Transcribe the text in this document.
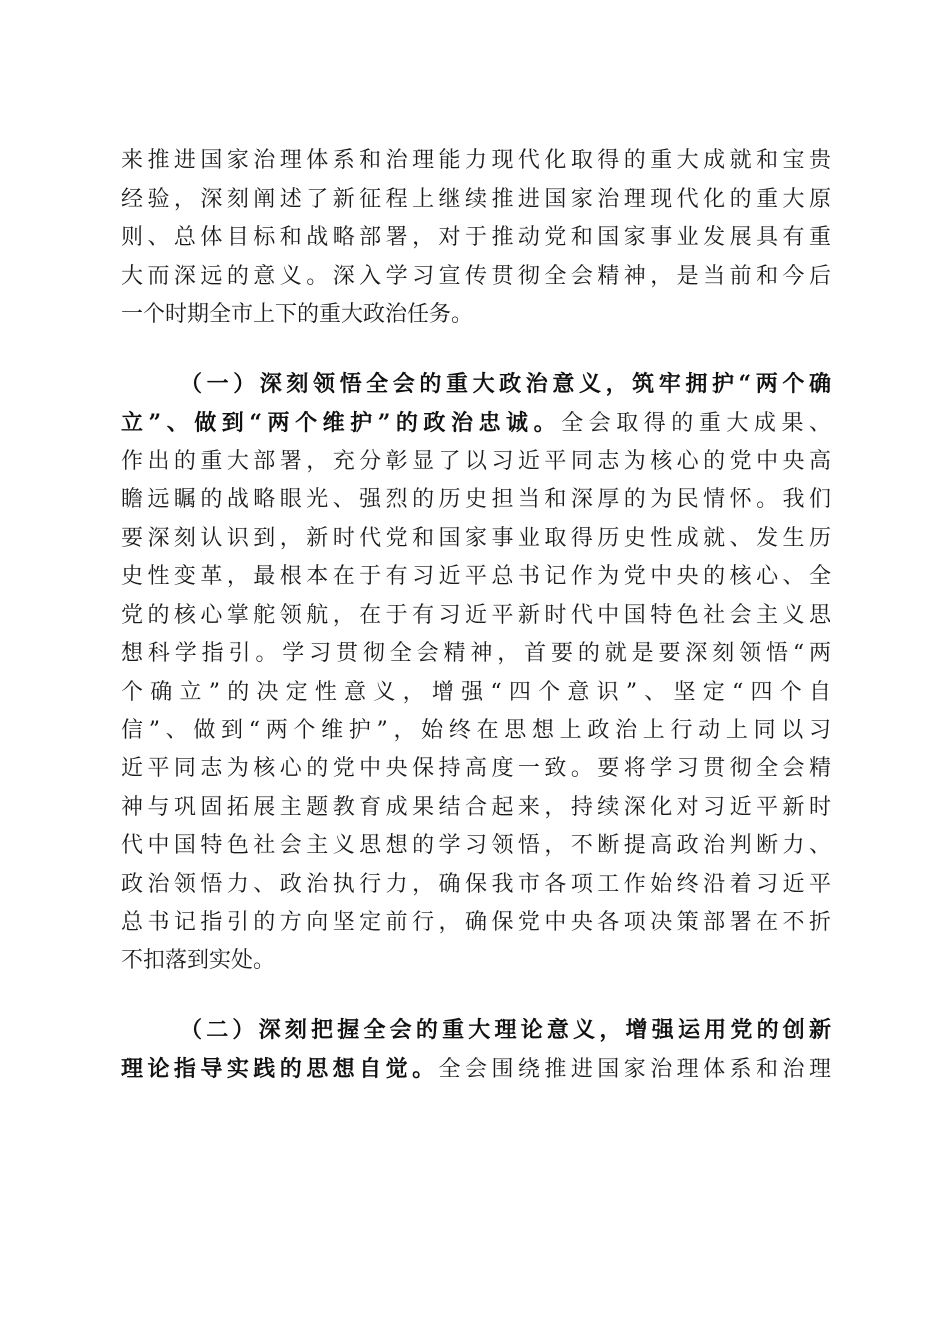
来推进国家治理体系和治理能力现代化取得的重大成就和宝贵
经验，深刻阐述了新征程上继续推进国家治理现代化的重大原
则、总体目标和战略部署，对于推动党和国家事业发展具有重
大而深远的意义。深入学习宣传贯彻全会精神，是当前和今后
一个时期全市上下的重大政治任务。
（一）深刻领悟全会的重大政治意义，筑牢拥护“两个确
立”、做到“两个维护”的政治忠诚。全会取得的重大成果、
作出的重大部署，充分彰显了以习近平同志为核心的党中央高
瞻远瞩的战略眼光、强烈的历史担当和深厚的为民情怀。我们
要深刻认识到，新时代党和国家事业取得历史性成就、发生历
史性变革，最根本在于有习近平总书记作为党中央的核心、全
党的核心掌舵领航，在于有习近平新时代中国特色社会主义思
想科学指引。学习贯彻全会精神，首要的就是要深刻领悟“两
个确立”的决定性意义，增强“四个意识”、坚定“四个自
信”、做到“两个维护”，始终在思想上政治上行动上同以习
近平同志为核心的党中央保持高度一致。要将学习贯彻全会精
神与巩固拓展主题教育成果结合起来，持续深化对习近平新时
代中国特色社会主义思想的学习领悟，不断提高政治判断力、
政治领悟力、政治执行力，确保我市各项工作始终沿着习近平
总书记指引的方向坚定前行，确保党中央各项决策部署在不折
不扣落到实处。
（二）深刻把握全会的重大理论意义，增强运用党的创新
理论指导实践的思想自觉。全会围绕推进国家治理体系和治理
